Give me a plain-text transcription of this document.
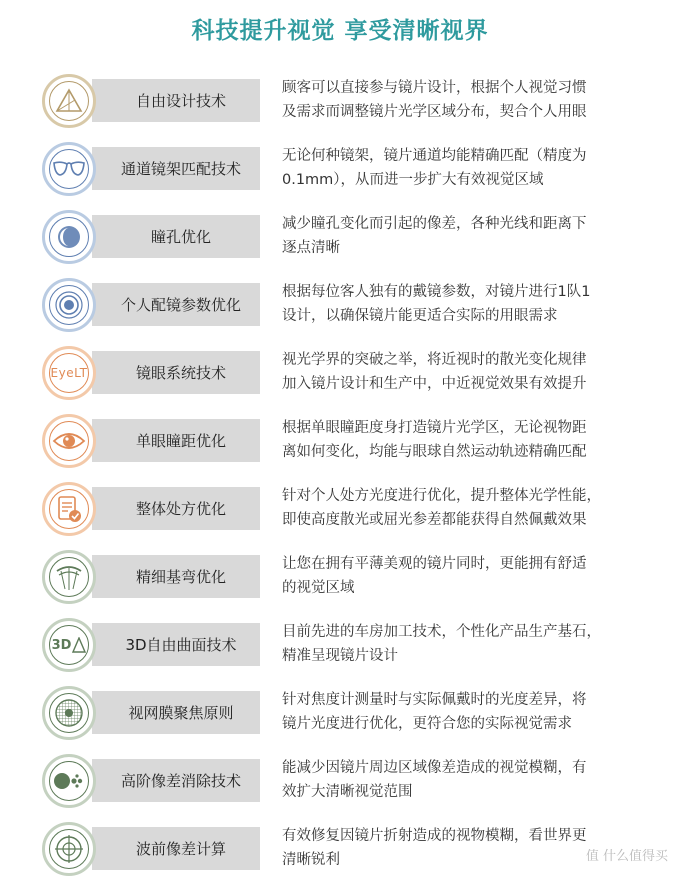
科技提升视觉 享受清晰视界
自由设计技术
顾客可以直接参与镜片设计，根据个人视觉习惯
及需求而调整镜片光学区域分布，契合个人用眼
通道镜架匹配技术
无论何种镜架，镜片通道均能精确匹配（精度为
0.1mm），从而进一步扩大有效视觉区域
瞳孔优化
减少瞳孔变化而引起的像差，各种光线和距离下
逐点清晰
个人配镜参数优化
根据每位客人独有的戴镜参数，对镜片进行1队1
设计，以确保镜片能更适合实际的用眼需求
镜眼系统技术
EyeLT
视光学界的突破之举，将近视时的散光变化规律
加入镜片设计和生产中，中近视觉效果有效提升
单眼瞳距优化
根据单眼瞳距度身打造镜片光学区，无论视物距
离如何变化，均能与眼球自然运动轨迹精确匹配
整体处方优化
针对个人处方光度进行优化，提升整体光学性能，
即使高度散光或屈光参差都能获得自然佩戴效果
精细基弯优化
让您在拥有平薄美观的镜片同时，更能拥有舒适
的视觉区域
3D自由曲面技术
3D
目前先进的车房加工技术，个性化产品生产基石，
精准呈现镜片设计
视网膜聚焦原则
针对焦度计测量时与实际佩戴时的光度差异，将
镜片光度进行优化，更符合您的实际视觉需求
高阶像差消除技术
能减少因镜片周边区域像差造成的视觉模糊，有
效扩大清晰视觉范围
波前像差计算
有效修复因镜片折射造成的视物模糊，看世界更
清晰锐利	值 什么值得买
